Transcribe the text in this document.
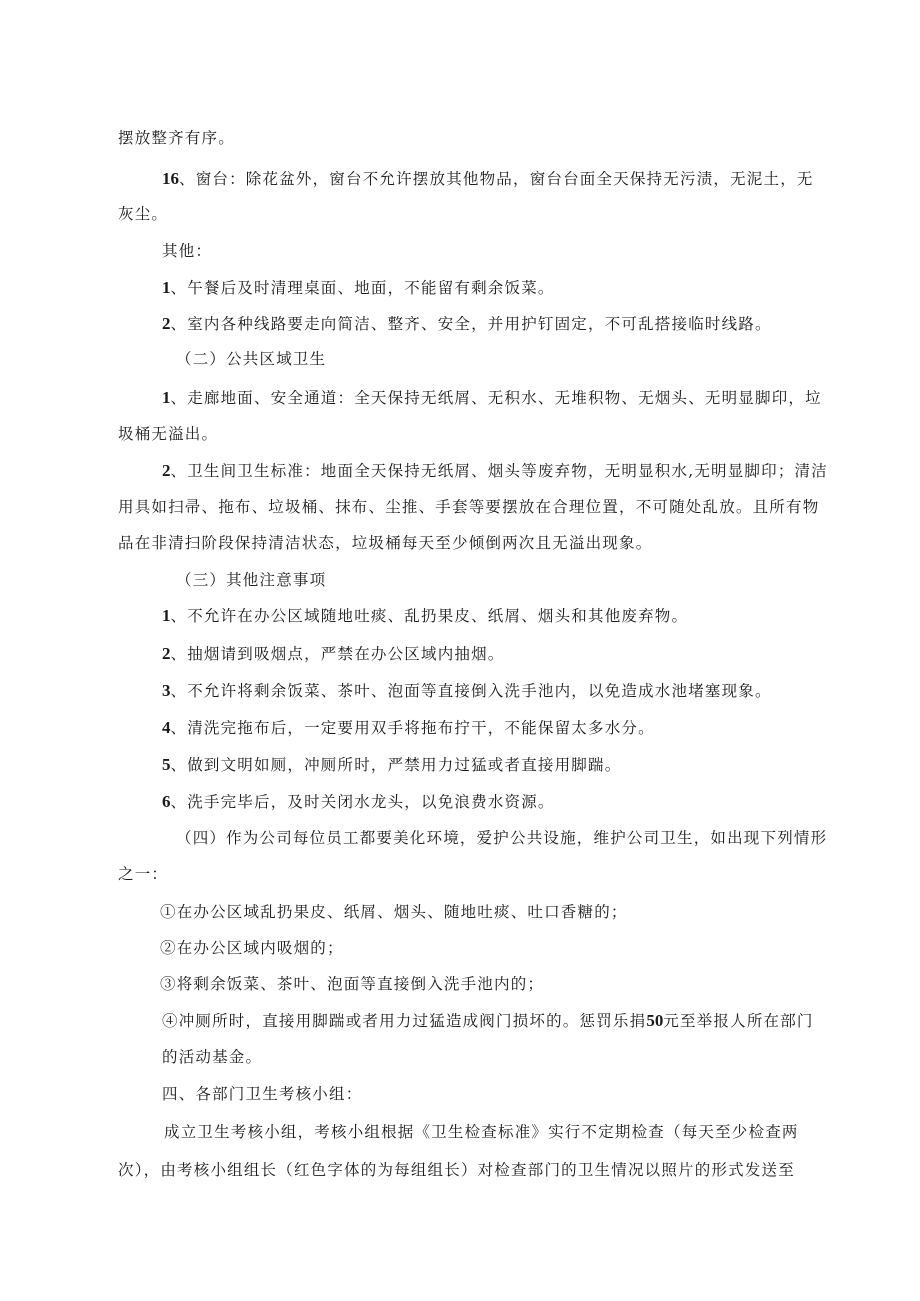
摆放整齐有序。
16、窗台：除花盆外，窗台不允许摆放其他物品，窗台台面全天保持无污渍，无泥土，无
灰尘。
其他：
1、午餐后及时清理桌面、地面，不能留有剩余饭菜。
2、室内各种线路要走向简洁、整齐、安全，并用护钉固定，不可乱搭接临时线路。
（二）公共区域卫生
1、走廊地面、安全通道：全天保持无纸屑、无积水、无堆积物、无烟头、无明显脚印，垃
圾桶无溢出。
2、卫生间卫生标准：地面全天保持无纸屑、烟头等废弃物，无明显积水,无明显脚印；清洁
用具如扫帚、拖布、垃圾桶、抹布、尘推、手套等要摆放在合理位置，不可随处乱放。且所有物
品在非清扫阶段保持清洁状态，垃圾桶每天至少倾倒两次且无溢出现象。
（三）其他注意事项
1、不允许在办公区域随地吐痰、乱扔果皮、纸屑、烟头和其他废弃物。
2、抽烟请到吸烟点，严禁在办公区域内抽烟。
3、不允许将剩余饭菜、茶叶、泡面等直接倒入洗手池内，以免造成水池堵塞现象。
4、清洗完拖布后，一定要用双手将拖布拧干，不能保留太多水分。
5、做到文明如厕，冲厕所时，严禁用力过猛或者直接用脚踹。
6、洗手完毕后，及时关闭水龙头，以免浪费水资源。
（四）作为公司每位员工都要美化环境，爱护公共设施，维护公司卫生，如出现下列情形
之一：
①在办公区域乱扔果皮、纸屑、烟头、随地吐痰、吐口香糖的；
②在办公区域内吸烟的；
③将剩余饭菜、茶叶、泡面等直接倒入洗手池内的；
④冲厕所时，直接用脚踹或者用力过猛造成阀门损坏的。惩罚乐捐50元至举报人所在部门
的活动基金。
四、各部门卫生考核小组：
成立卫生考核小组，考核小组根据《卫生检查标准》实行不定期检查（每天至少检查两
次），由考核小组组长（红色字体的为每组组长）对检查部门的卫生情况以照片的形式发送至
